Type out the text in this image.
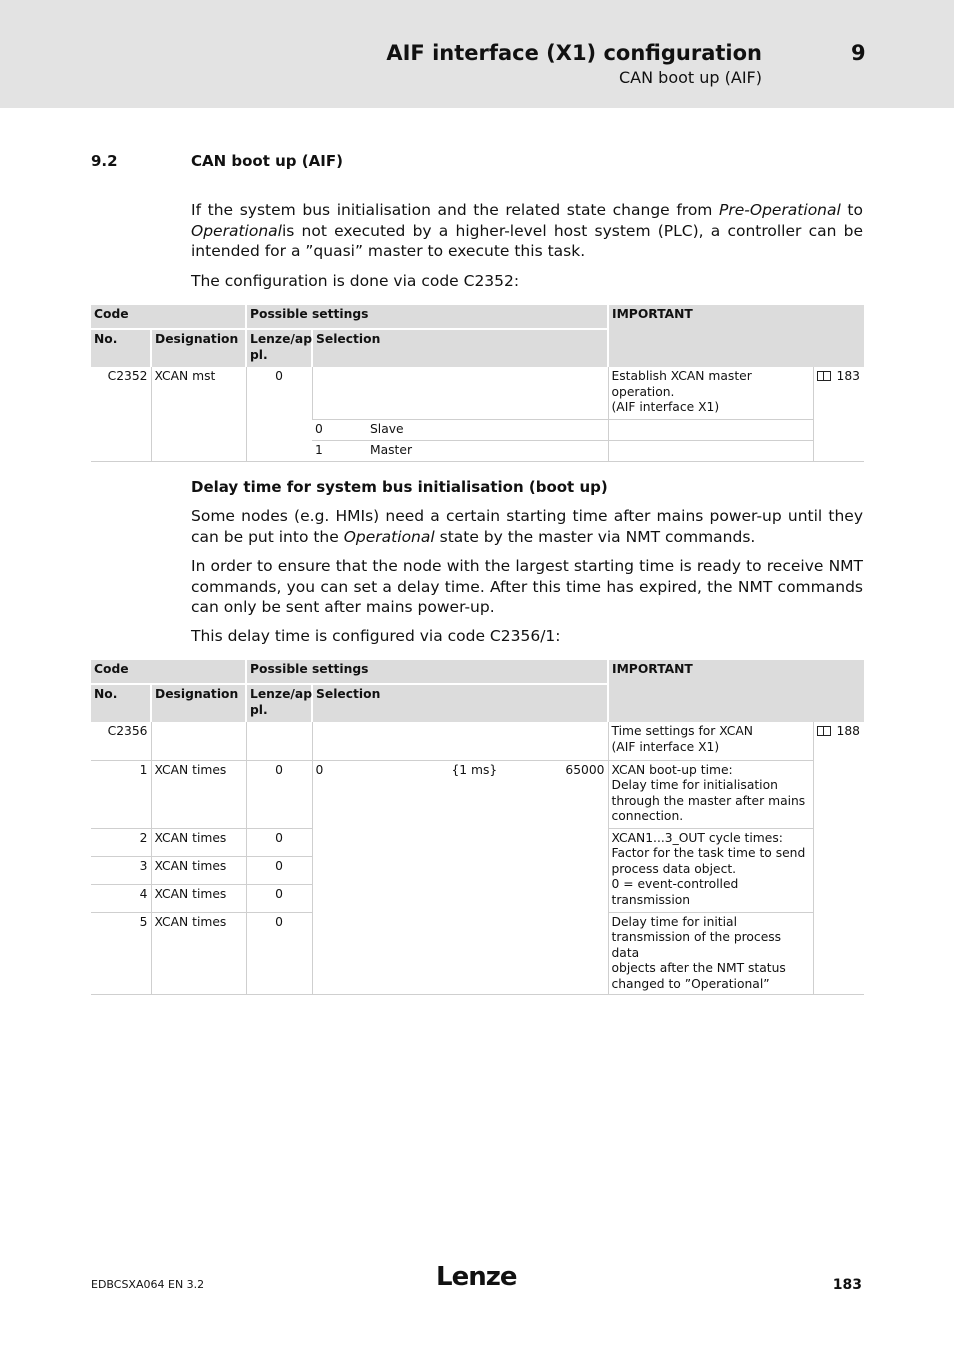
AIF interface (X1) configuration	9
CAN boot up (AIF)
9.2	CAN boot up (AIF)
If the system bus initialisation and the related state change from Pre-Operational to Operationalis not executed by a higher-level host system (PLC), a controller can be intended for a ”quasi” master to execute this task.
The configuration is done via code C2352:
Code		Possible settings		IMPORTANT	
No.	Designation	Lenze/ap pl.	Selection		
C2352	XCAN mst	0		Establish XCAN master
operation.
(AIF interface X1)	183
			0 Slave		
			1 Master		
Delay time for system bus initialisation (boot up)
Some nodes (e.g. HMIs) need a certain starting time after mains power-up until they can be put into the Operational state by the master via NMT commands.
In order to ensure that the node with the largest starting time is ready to receive NMT commands, you can set a delay time. After this time has expired, the NMT commands can only be sent after mains power-up.
This delay time is configured via code C2356/1:
Code		Possible settings		IMPORTANT	
No.	Designation	Lenze/ap pl.	Selection		
C2356				Time settings for XCAN
(AIF interface X1)	188
1	XCAN times	0	0 {1 ms} 65000	XCAN boot-up time:
Delay time for initialisation
through the master after mains
connection.	
2	XCAN times	0		XCAN1...3_OUT cycle times:
Factor for the task time to send
process data object.
0 = event-controlled
transmission	
3	XCAN times	0			
4	XCAN times	0			
5	XCAN times	0		Delay time for initial
transmission of the process data
objects after the NMT status
changed to ”Operational”	
EDBCSXA064 EN 3.2	Lenze	183
